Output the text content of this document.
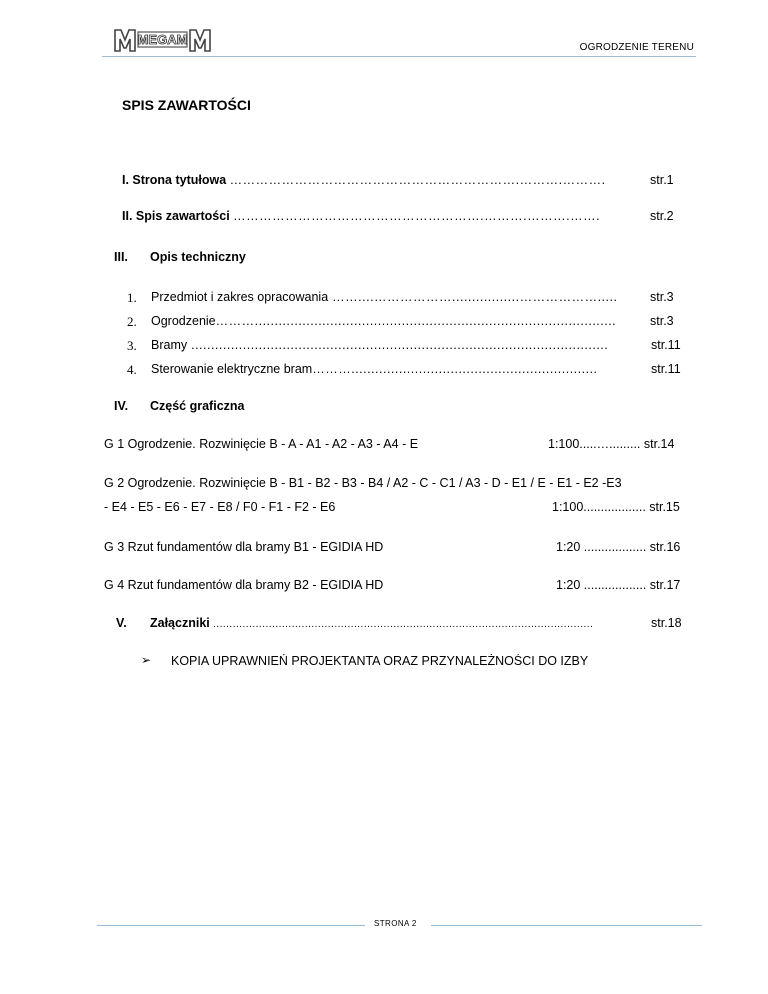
MEGAM
OGRODZENIE TERENU
SPIS ZAWARTOŚCI
I. Strona tytułowa ………………………………………………………….……….……….	str.1
II. Spis zawartości ………………………………………………….……….……….…….	str.2
III. Opis techniczny
1. Przedmiot i zakres opracowania ……....……………….................……………….....	str.3
2. Ogrodzenie………...........................................................................................	str.3
3. Bramy .........................................................................................................	str.11
4. Sterowanie elektryczne bram………..............................................................	str.11
IV. Część graficzna
G 1 Ogrodzenie. Rozwinięcie B - A - A1 - A2 - A3 - A4 - E	1:100.....…......... str.14
G 2 Ogrodzenie. Rozwinięcie B - B1 - B2 - B3 - B4 / A2 - C - C1 / A3 - D - E1 / E - E1 - E2 -E3
- E4 - E5 - E6 - E7 - E8 / F0 - F1 - F2 - E6	1:100.................. str.15
G 3 Rzut fundamentów dla bramy B1 - EGIDIA HD	1:20 .................. str.16
G 4 Rzut fundamentów dla bramy B2 - EGIDIA HD	1:20 .................. str.17
V. Załączniki ....................................................................................................................	str.18
➢ KOPIA UPRAWNIEŃ PROJEKTANTA ORAZ PRZYNALEŻNOŚCI DO IZBY
STRONA 2
